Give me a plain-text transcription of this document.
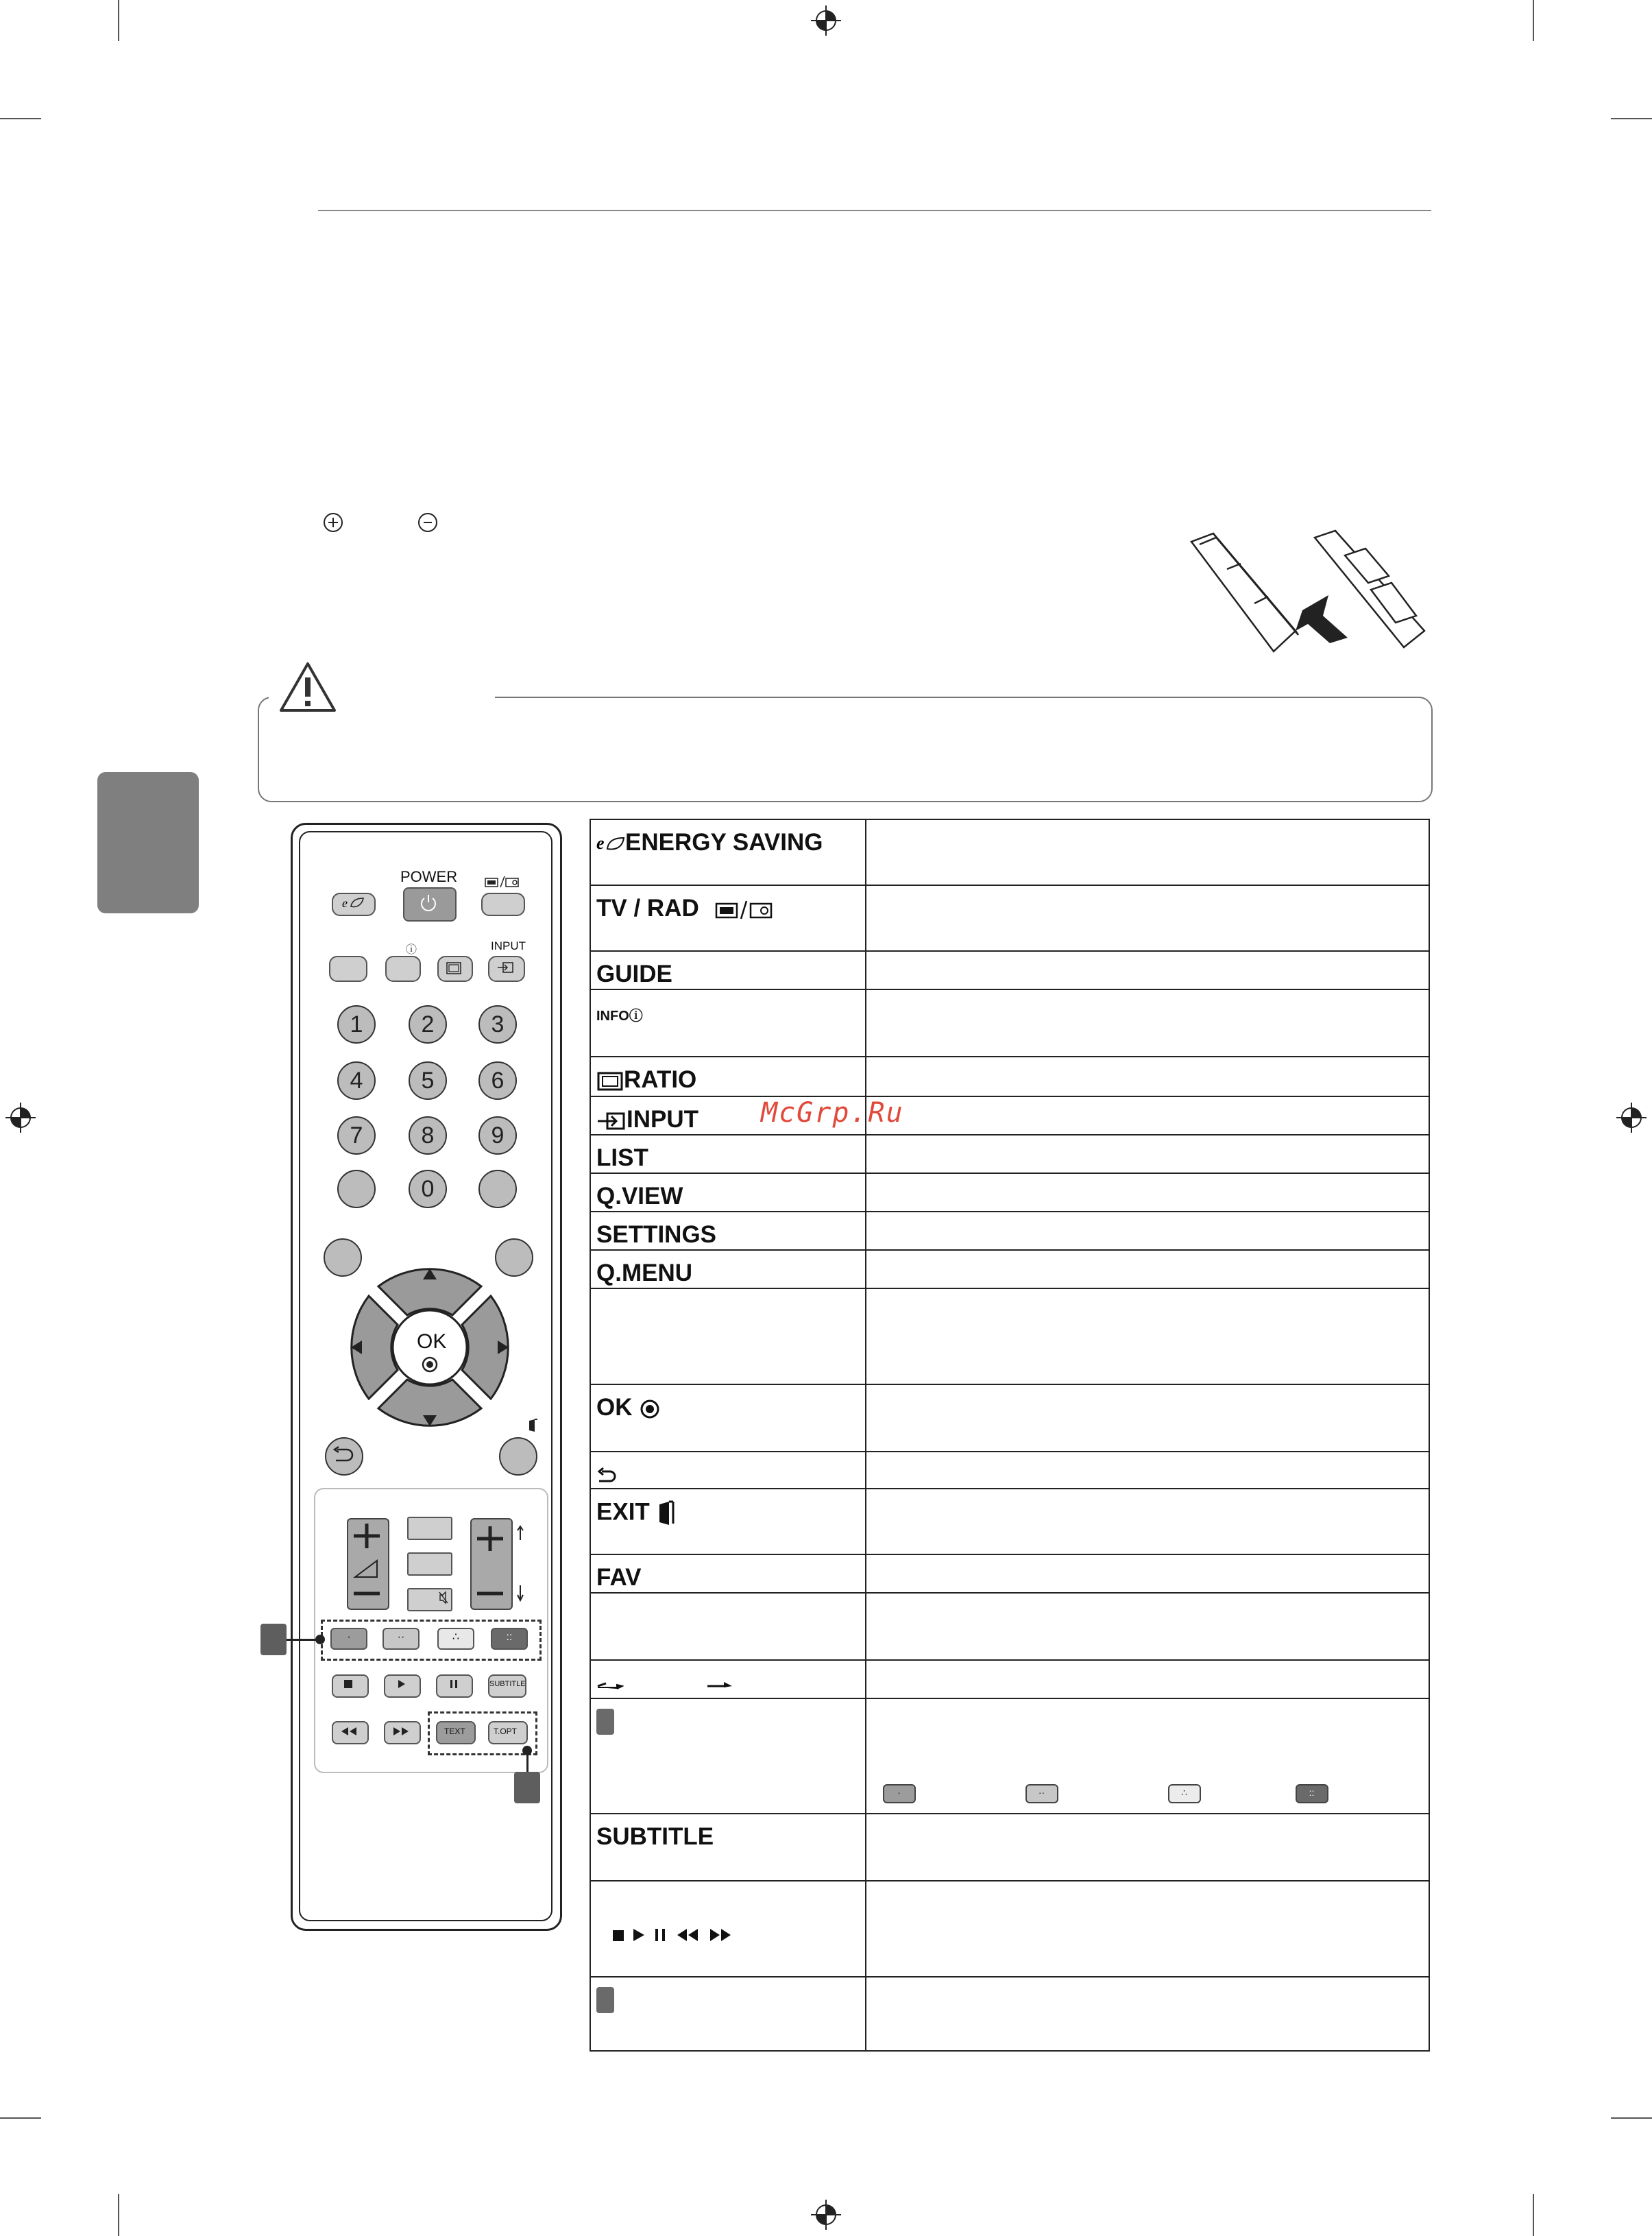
McGrp.Ru
POWER
e
ⓘ	INPUT
1	2	3
4	5	6
7	8	9
0
OK
·	··	∴	::
SUBTITLE
TEXT	T.OPT
e ENERGY SAVING	
TV / RAD	
GUIDE	
INFOⓘ	
RATIO	
INPUT	
LIST	
Q.VIEW	
SETTINGS	
Q.MENU	

OK	

EXIT	
FAV	

	· ·· ∴ ::

SUBTITLE	
